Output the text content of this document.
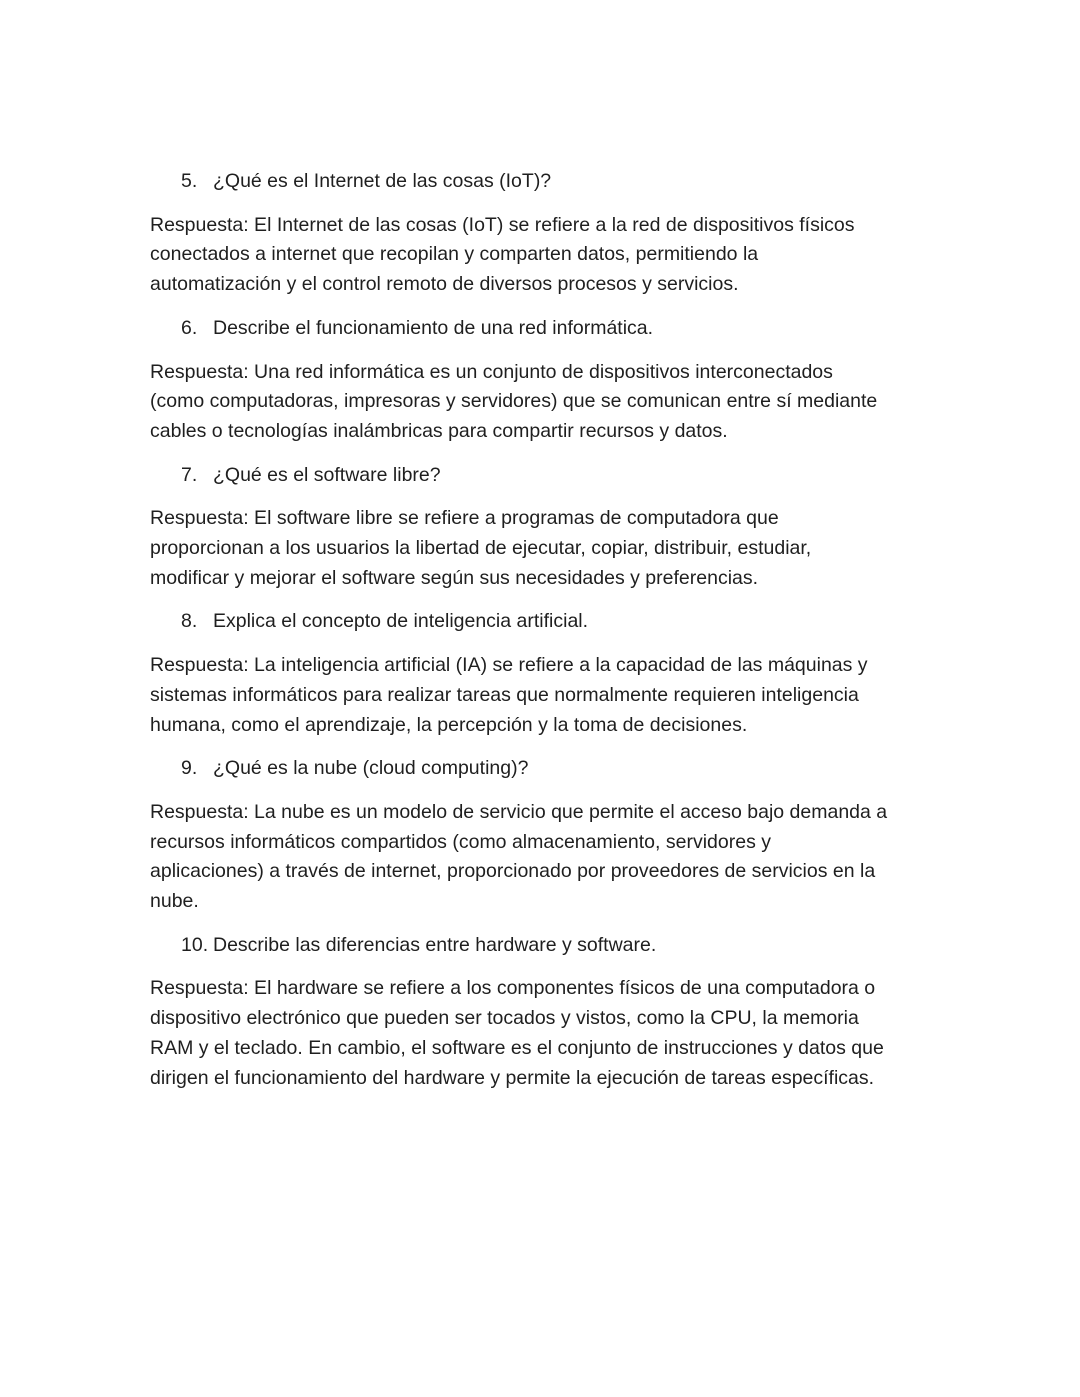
5. ¿Qué es el Internet de las cosas (IoT)?

Respuesta: El Internet de las cosas (IoT) se refiere a la red de dispositivos físicos
conectados a internet que recopilan y comparten datos, permitiendo la
automatización y el control remoto de diversos procesos y servicios.

6. Describe el funcionamiento de una red informática.

Respuesta: Una red informática es un conjunto de dispositivos interconectados
(como computadoras, impresoras y servidores) que se comunican entre sí mediante
cables o tecnologías inalámbricas para compartir recursos y datos.

7. ¿Qué es el software libre?

Respuesta: El software libre se refiere a programas de computadora que
proporcionan a los usuarios la libertad de ejecutar, copiar, distribuir, estudiar,
modificar y mejorar el software según sus necesidades y preferencias.

8. Explica el concepto de inteligencia artificial.

Respuesta: La inteligencia artificial (IA) se refiere a la capacidad de las máquinas y
sistemas informáticos para realizar tareas que normalmente requieren inteligencia
humana, como el aprendizaje, la percepción y la toma de decisiones.

9. ¿Qué es la nube (cloud computing)?

Respuesta: La nube es un modelo de servicio que permite el acceso bajo demanda a
recursos informáticos compartidos (como almacenamiento, servidores y
aplicaciones) a través de internet, proporcionado por proveedores de servicios en la
nube.

10. Describe las diferencias entre hardware y software.

Respuesta: El hardware se refiere a los componentes físicos de una computadora o
dispositivo electrónico que pueden ser tocados y vistos, como la CPU, la memoria
RAM y el teclado. En cambio, el software es el conjunto de instrucciones y datos que
dirigen el funcionamiento del hardware y permite la ejecución de tareas específicas.
